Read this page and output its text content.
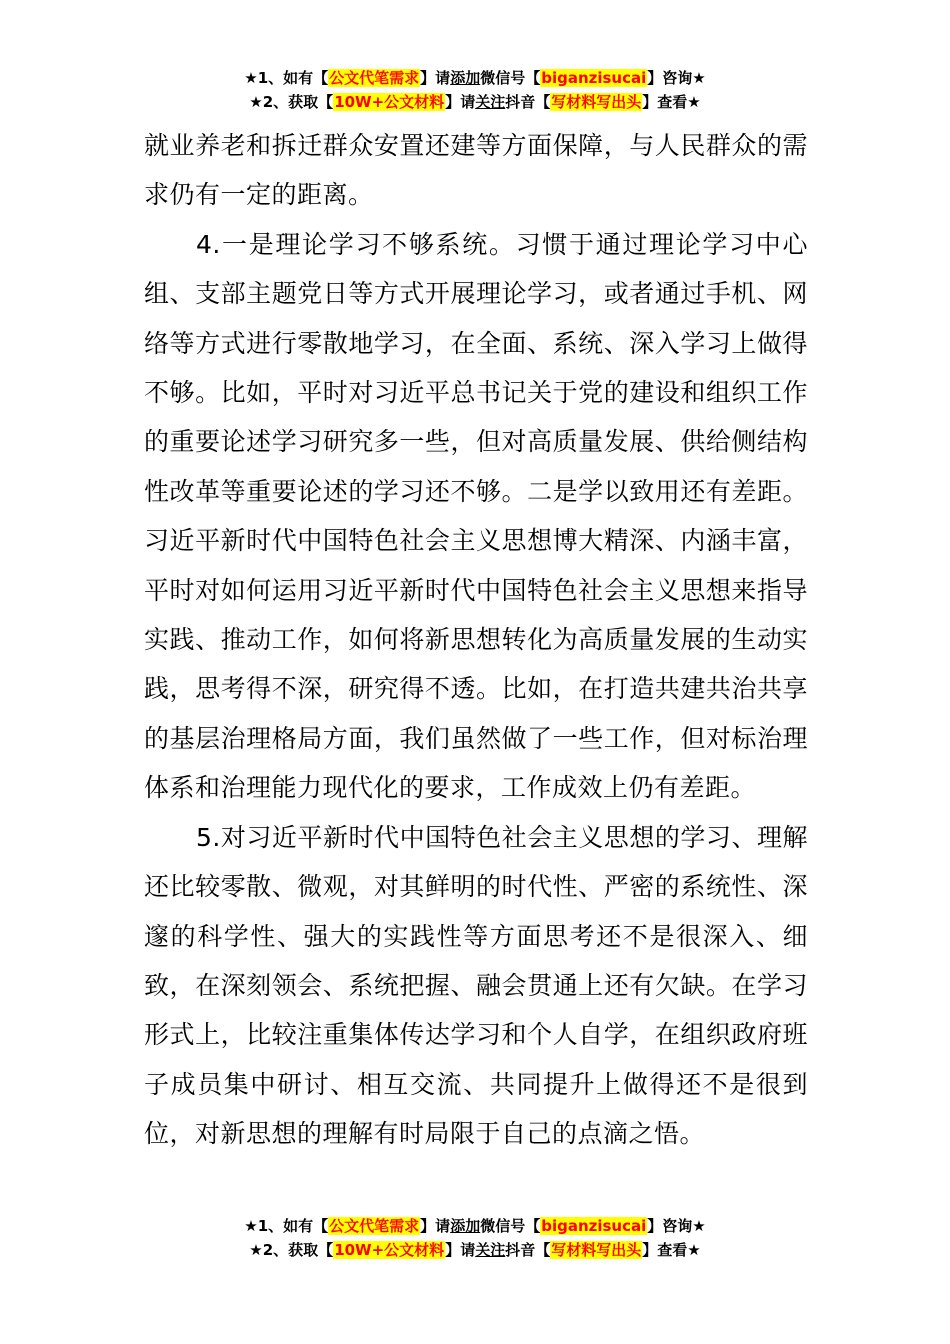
★1、如有【公文代笔需求】请添加微信号【biganzisucai】咨询★
★2、获取【10W+公文材料】请关注抖音【写材料写出头】查看★

就业养老和拆迁群众安置还建等方面保障，与人民群众的需求仍有一定的距离。

4.一是理论学习不够系统。习惯于通过理论学习中心组、支部主题党日等方式开展理论学习，或者通过手机、网络等方式进行零散地学习，在全面、系统、深入学习上做得不够。比如，平时对习近平总书记关于党的建设和组织工作的重要论述学习研究多一些，但对高质量发展、供给侧结构性改革等重要论述的学习还不够。二是学以致用还有差距。习近平新时代中国特色社会主义思想博大精深、内涵丰富，平时对如何运用习近平新时代中国特色社会主义思想来指导实践、推动工作，如何将新思想转化为高质量发展的生动实践，思考得不深，研究得不透。比如，在打造共建共治共享的基层治理格局方面，我们虽然做了一些工作，但对标治理体系和治理能力现代化的要求，工作成效上仍有差距。

5.对习近平新时代中国特色社会主义思想的学习、理解还比较零散、微观，对其鲜明的时代性、严密的系统性、深邃的科学性、强大的实践性等方面思考还不是很深入、细致，在深刻领会、系统把握、融会贯通上还有欠缺。在学习形式上，比较注重集体传达学习和个人自学，在组织政府班子成员集中研讨、相互交流、共同提升上做得还不是很到位，对新思想的理解有时局限于自己的点滴之悟。

★1、如有【公文代笔需求】请添加微信号【biganzisucai】咨询★
★2、获取【10W+公文材料】请关注抖音【写材料写出头】查看★
